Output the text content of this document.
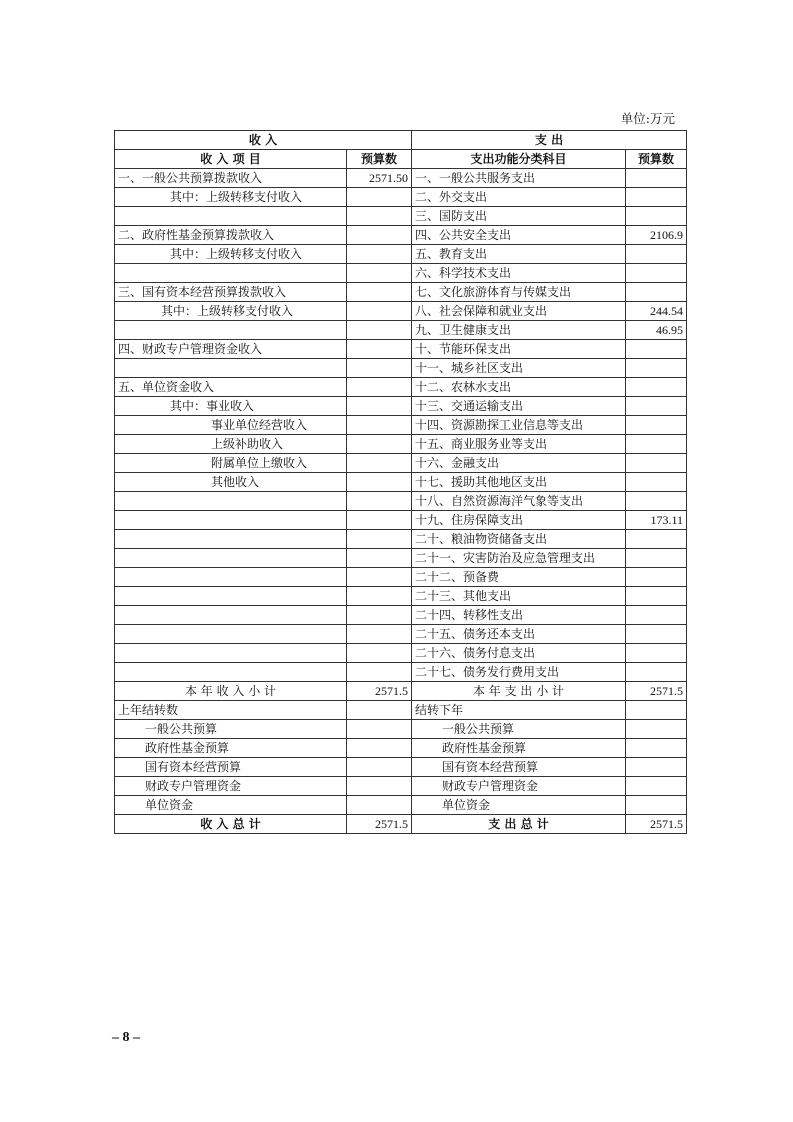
单位:万元
收 入		支 出	
收 入 项 目	预算数	支出功能分类科目	预算数
一、一般公共预算拨款收入	2571.50	一、一般公共服务支出	
其中：上级转移支付收入		二、外交支出	
		三、国防支出	
二、政府性基金预算拨款收入		四、公共安全支出	2106.9
其中：上级转移支付收入		五、教育支出	
		六、科学技术支出	
三、国有资本经营预算拨款收入		七、文化旅游体育与传媒支出	
其中：上级转移支付收入		八、社会保障和就业支出	244.54
		九、卫生健康支出	46.95
四、财政专户管理资金收入		十、节能环保支出	
		十一、城乡社区支出	
五、单位资金收入		十二、农林水支出	
其中：事业收入		十三、交通运输支出	
事业单位经营收入		十四、资源勘探工业信息等支出	
上级补助收入		十五、商业服务业等支出	
附属单位上缴收入		十六、金融支出	
其他收入		十七、援助其他地区支出	
		十八、自然资源海洋气象等支出	
		十九、住房保障支出	173.11
		二十、粮油物资储备支出	
		二十一、灾害防治及应急管理支出	
		二十二、预备费	
		二十三、其他支出	
		二十四、转移性支出	
		二十五、债务还本支出	
		二十六、债务付息支出	
		二十七、债务发行费用支出	
本 年 收 入 小 计	2571.5	本 年 支 出 小 计	2571.5
上年结转数		结转下年	
一般公共预算		一般公共预算	
政府性基金预算		政府性基金预算	
国有资本经营预算		国有资本经营预算	
财政专户管理资金		财政专户管理资金	
单位资金		单位资金	
收 入 总 计	2571.5	支 出 总 计	2571.5
– 8 –
